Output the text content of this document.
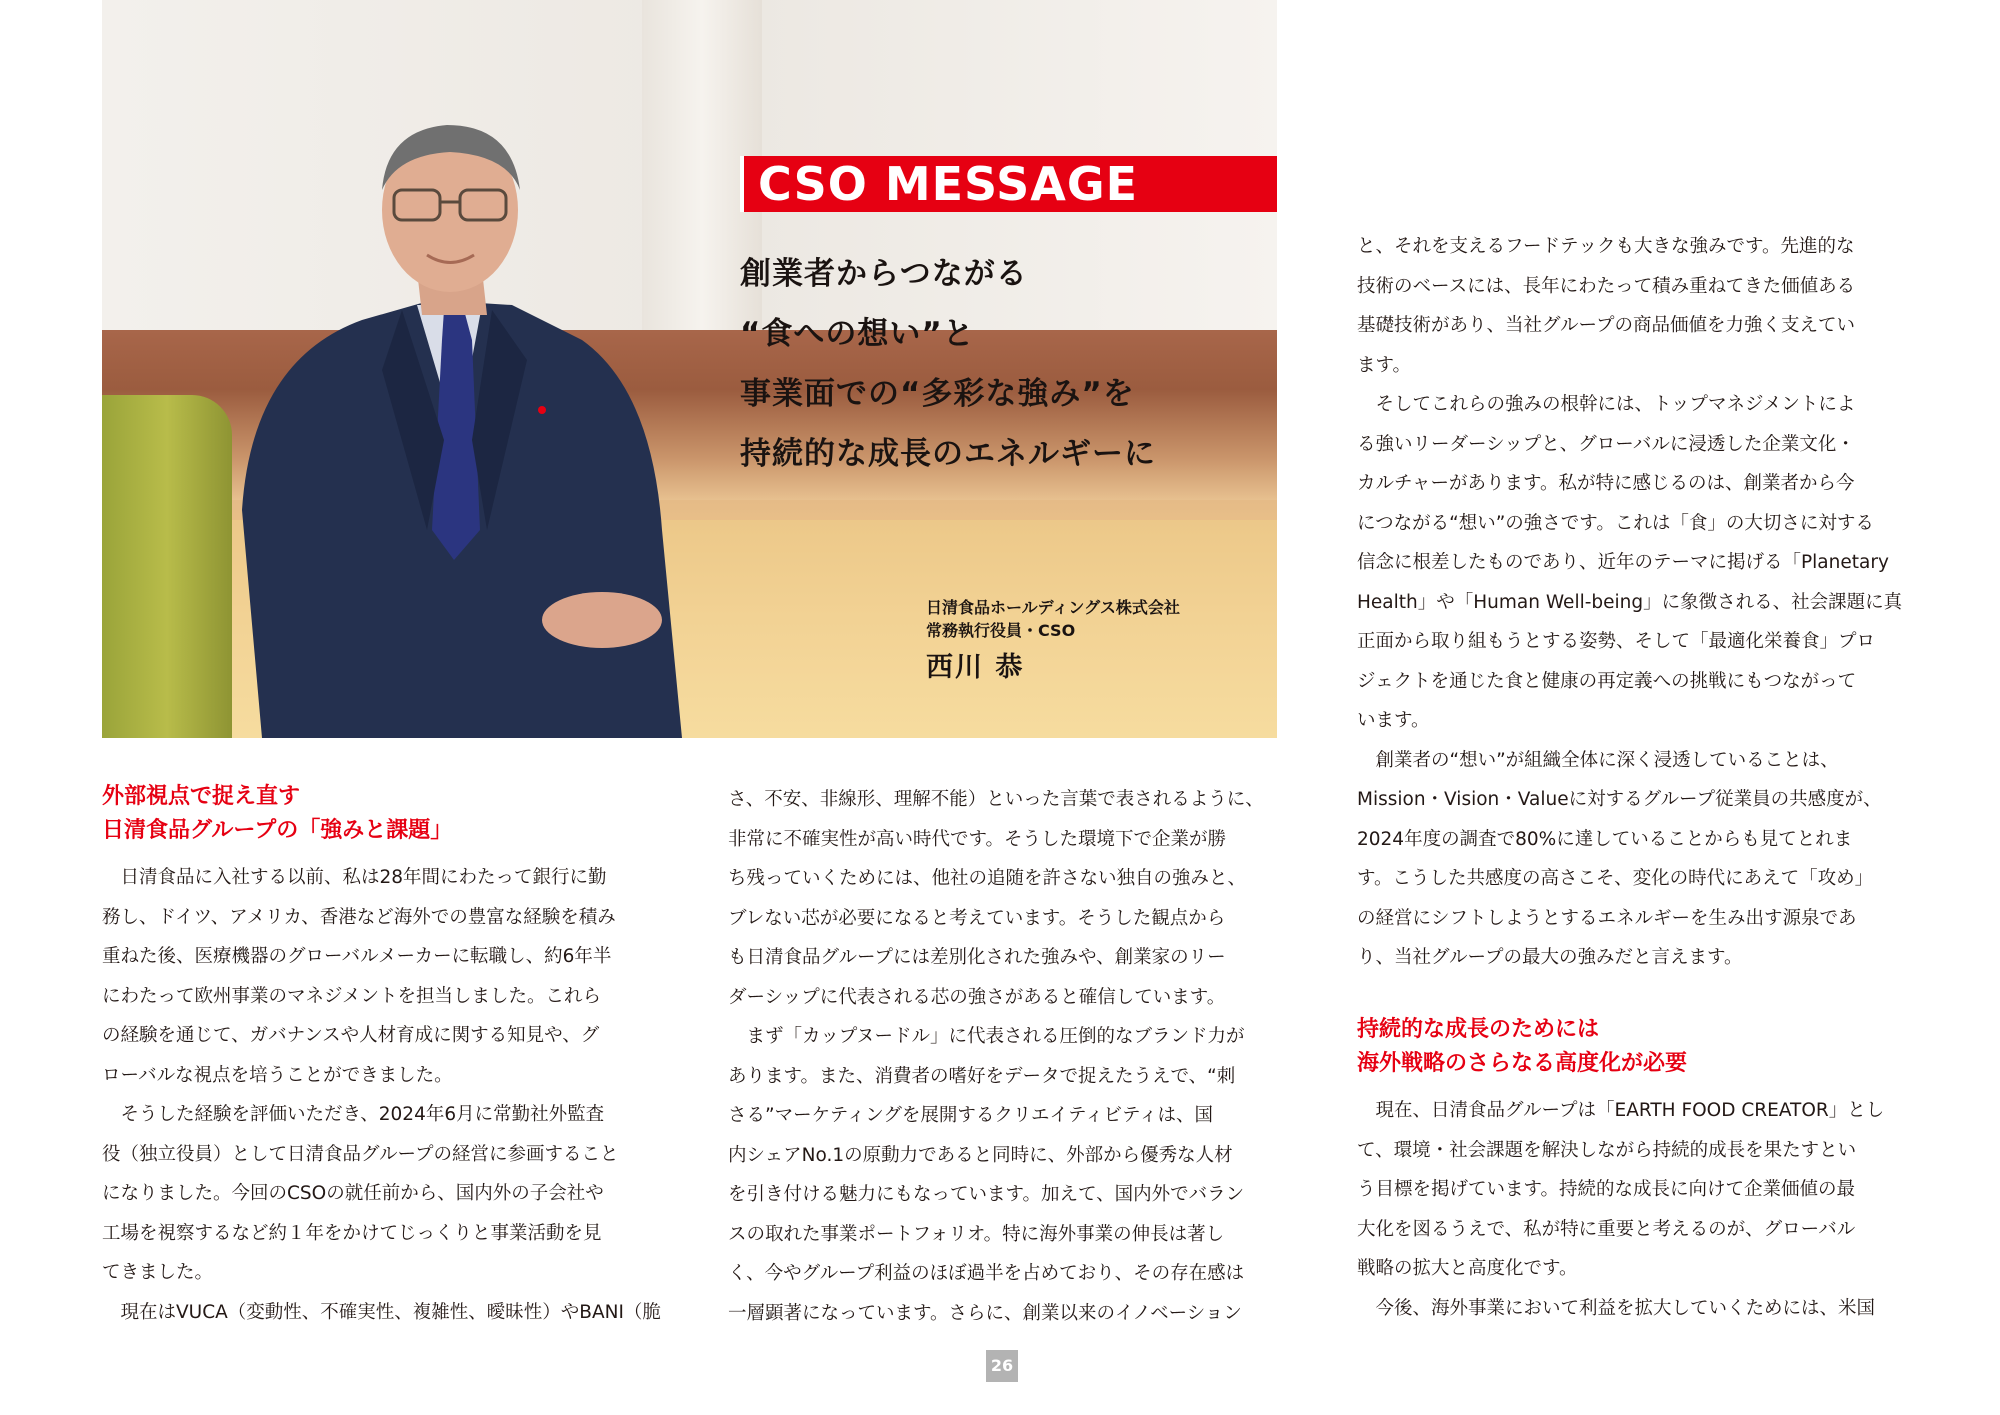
CSO MESSAGE
創業者からつながる
“食への想い”と
事業面での“多彩な強み”を
持続的な成長のエネルギーに
日清食品ホールディングス株式会社
常務執行役員・CSO
西川 恭
外部視点で捉え直す
日清食品グループの「強みと課題」
　日清食品に入社する以前、私は28年間にわたって銀行に勤
務し、ドイツ、アメリカ、香港など海外での豊富な経験を積み
重ねた後、医療機器のグローバルメーカーに転職し、約6年半
にわたって欧州事業のマネジメントを担当しました。これら
の経験を通じて、ガバナンスや人材育成に関する知見や、グ
ローバルな視点を培うことができました。
　そうした経験を評価いただき、2024年6月に常勤社外監査
役（独立役員）として日清食品グループの経営に参画すること
になりました。今回のCSOの就任前から、国内外の子会社や
工場を視察するなど約１年をかけてじっくりと事業活動を見
てきました。
　現在はVUCA（変動性、不確実性、複雑性、曖昧性）やBANI（脆
さ、不安、非線形、理解不能）といった言葉で表されるように、
非常に不確実性が高い時代です。そうした環境下で企業が勝
ち残っていくためには、他社の追随を許さない独自の強みと、
ブレない芯が必要になると考えています。そうした観点から
も日清食品グループには差別化された強みや、創業家のリー
ダーシップに代表される芯の強さがあると確信しています。
　まず「カップヌードル」に代表される圧倒的なブランド力が
あります。また、消費者の嗜好をデータで捉えたうえで、“刺
さる”マーケティングを展開するクリエイティビティは、国
内シェアNo.1の原動力であると同時に、外部から優秀な人材
を引き付ける魅力にもなっています。加えて、国内外でバラン
スの取れた事業ポートフォリオ。特に海外事業の伸長は著し
く、今やグループ利益のほぼ過半を占めており、その存在感は
一層顕著になっています。さらに、創業以来のイノベーション
と、それを支えるフードテックも大きな強みです。先進的な
技術のベースには、長年にわたって積み重ねてきた価値ある
基礎技術があり、当社グループの商品価値を力強く支えてい
ます。
　そしてこれらの強みの根幹には、トップマネジメントによ
る強いリーダーシップと、グローバルに浸透した企業文化・
カルチャーがあります。私が特に感じるのは、創業者から今
につながる“想い”の強さです。これは「食」の大切さに対する
信念に根差したものであり、近年のテーマに掲げる「Planetary
Health」や「Human Well-being」に象徴される、社会課題に真
正面から取り組もうとする姿勢、そして「最適化栄養食」プロ
ジェクトを通じた食と健康の再定義への挑戦にもつながって
います。
　創業者の“想い”が組織全体に深く浸透していることは、
Mission・Vision・Valueに対するグループ従業員の共感度が、
2024年度の調査で80%に達していることからも見てとれま
す。こうした共感度の高さこそ、変化の時代にあえて「攻め」
の経営にシフトしようとするエネルギーを生み出す源泉であ
り、当社グループの最大の強みだと言えます。
持続的な成長のためには
海外戦略のさらなる高度化が必要
　現在、日清食品グループは「EARTH FOOD CREATOR」とし
て、環境・社会課題を解決しながら持続的成長を果たすとい
う目標を掲げています。持続的な成長に向けて企業価値の最
大化を図るうえで、私が特に重要と考えるのが、グローバル
戦略の拡大と高度化です。
　今後、海外事業において利益を拡大していくためには、米国
26
